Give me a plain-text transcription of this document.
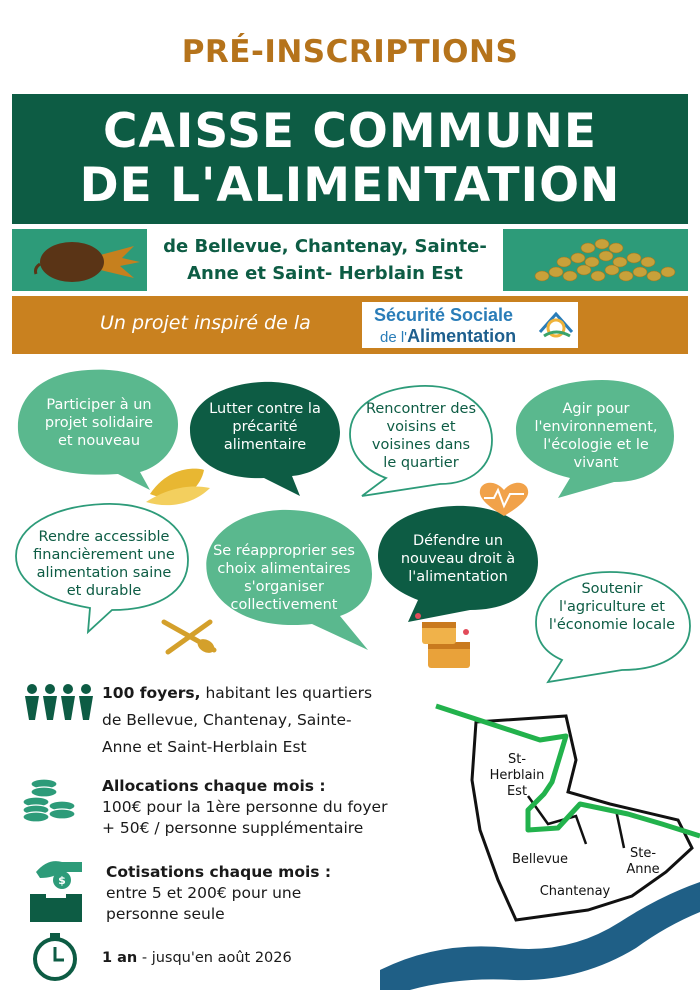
PRÉ-INSCRIPTIONS
CAISSE COMMUNE
DE L'ALIMENTATION
de Bellevue, Chantenay, Sainte-
Anne et Saint- Herblain Est
Un projet inspiré de la	Sécurité Sociale
de l'Alimentation
Participer à un
projet solidaire
et nouveau
Lutter contre la
précarité
alimentaire
Rencontrer des
voisins et
voisines dans
le quartier
Agir pour
l'environnement,
l'écologie et le
vivant
Rendre accessible
financièrement une
alimentation saine
et durable
Se réapproprier ses
choix alimentaires
s'organiser
collectivement
Défendre un
nouveau droit à
l'alimentation
Soutenir
l'agriculture et
l'économie locale
$
100 foyers, habitant les quartiers
de Bellevue, Chantenay, Sainte-
Anne et Saint-Herblain Est
Allocations chaque mois :
100€ pour la 1ère personne du foyer
+ 50€ / personne supplémentaire
Cotisations chaque mois :
entre 5 et 200€ pour une
personne seule
1 an - jusqu'en août 2026
St-
Herblain
Est
Bellevue
Chantenay
Ste-
Anne
